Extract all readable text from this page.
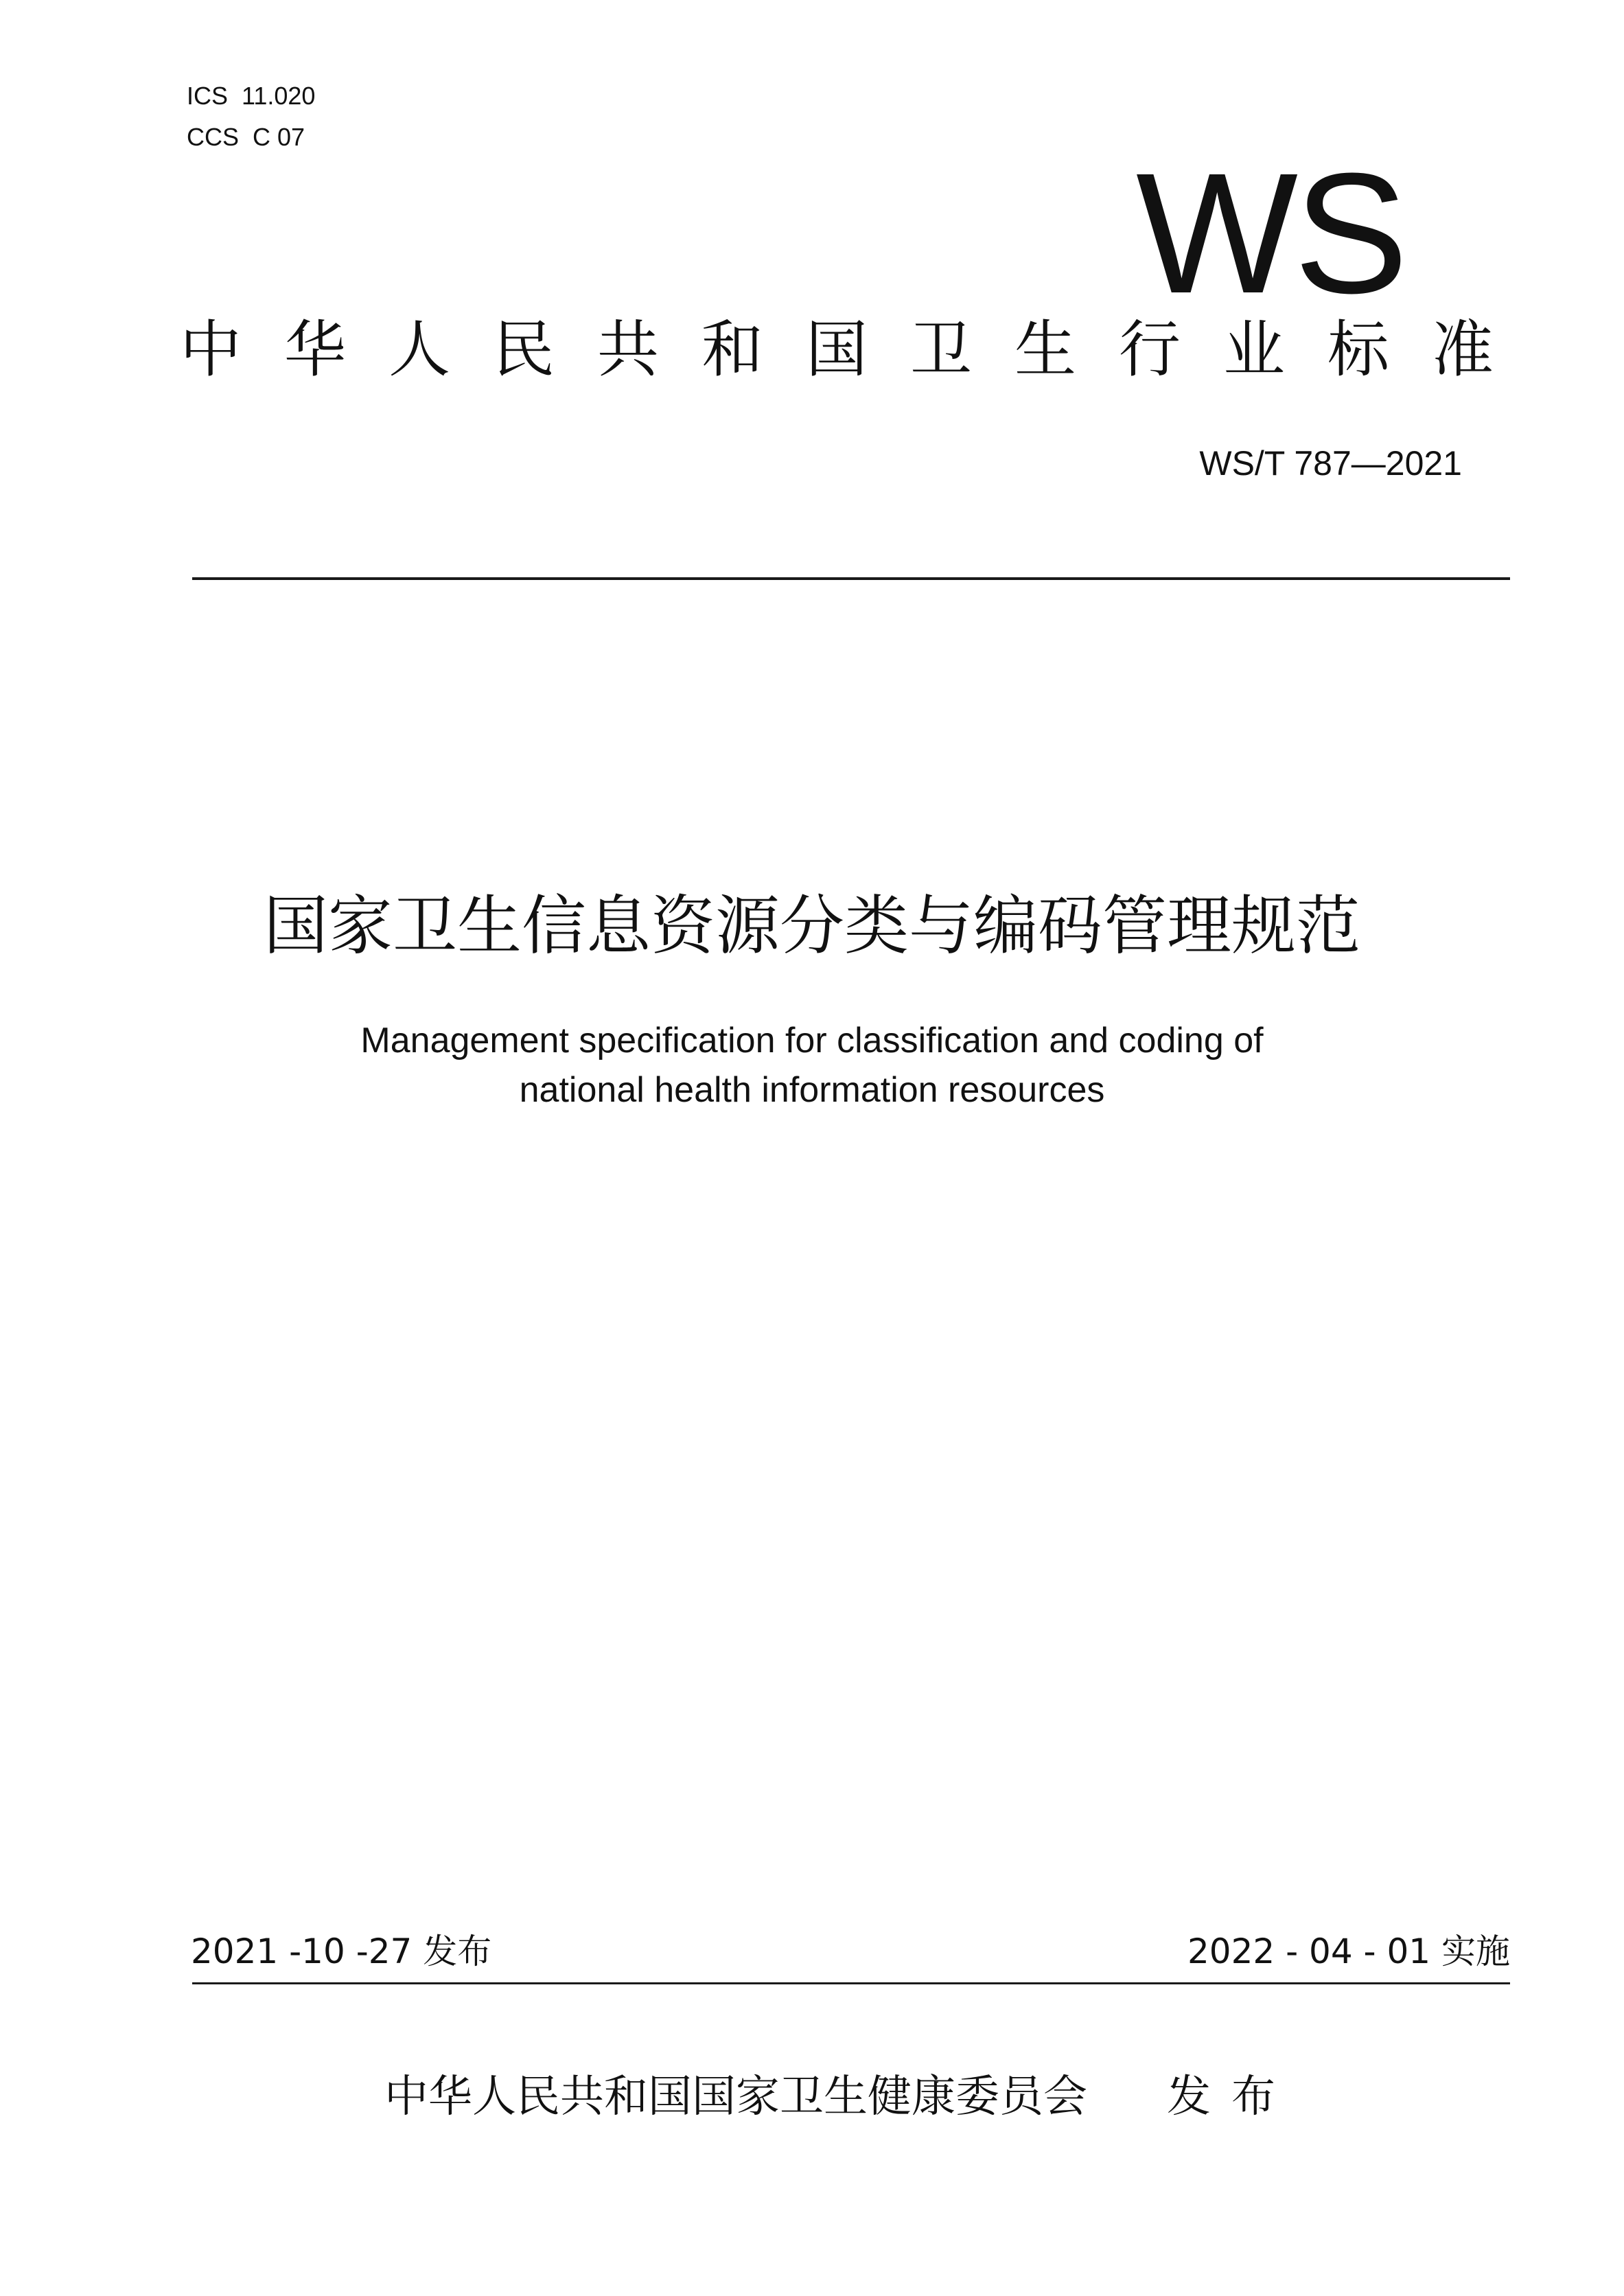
ICS  11.020
CCS  C 07
WS
中华人民共和国卫生行业标准
WS/T 787—2021
国家卫生信息资源分类与编码管理规范
Management specification for classification and coding of
national health information resources
2021 -10 -27 发布	2022 - 04 - 01 实施
中华人民共和国国家卫生健康委员会 发布
